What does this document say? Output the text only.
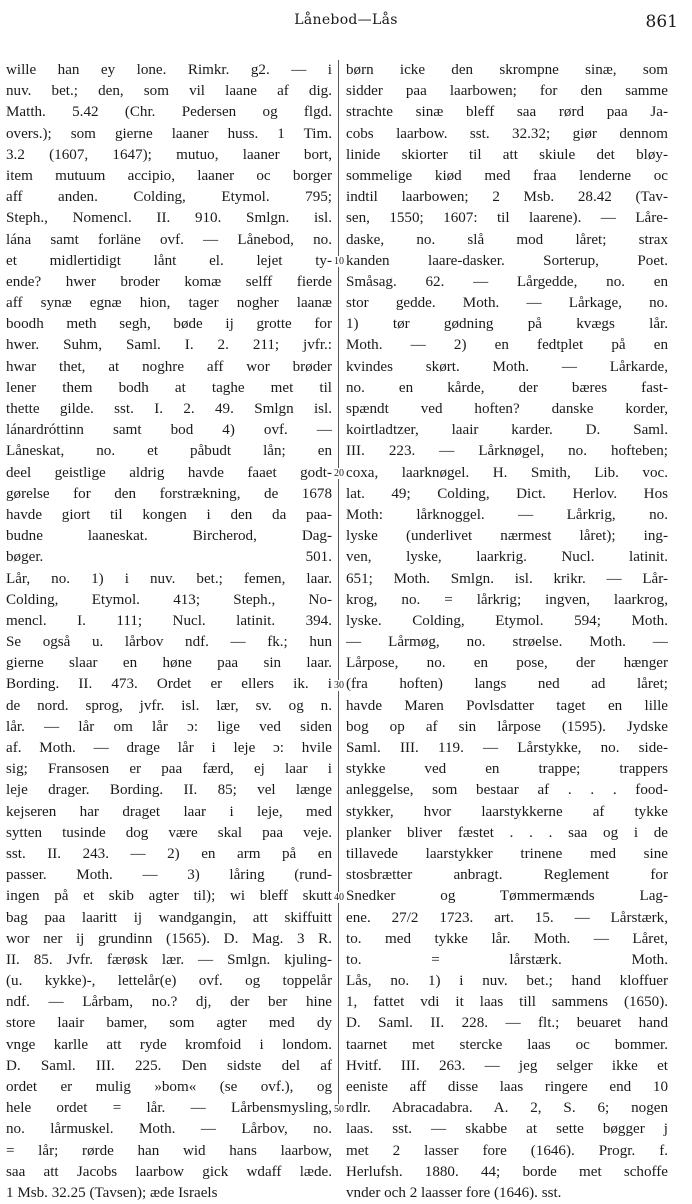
Lånebod—Lås	861
wille han ey lone. Rimkr. g2. — i
nuv. bet.; den, som vil laane af dig.
Matth. 5.42 (Chr. Pedersen og flgd.
overs.); som gierne laaner huss. 1 Tim.
3.2 (1607, 1647); mutuo, laaner bort,
item mutuum accipio, laaner oc borger
aff anden. Colding, Etymol. 795;
Steph., Nomencl. II. 910. Smlgn. isl.
lána samt forläne ovf. — Lånebod, no.
et midlertidigt lånt el. lejet ty-
ende? hwer broder komæ selff fierde
aff synæ egnæ hion, tager nogher laanæ
boodh meth segh, bøde ij grotte for
hwer. Suhm, Saml. I. 2. 211; jvfr.:
hwar thet, at noghre aff wor brøder
lener them bodh at taghe met til
thette gilde. sst. I. 2. 49. Smlgn isl.
lánardróttinn samt bod 4) ovf. —
Låneskat, no. et påbudt lån; en
deel geistlige aldrig havde faaet godt-
gørelse for den forstrækning, de 1678
havde giort til kongen i den da paa-
budne laaneskat. Bircherod, Dag-
bøger. 501.
Lår, no. 1) i nuv. bet.; femen, laar.
Colding, Etymol. 413; Steph., No-
mencl. I. 111; Nucl. latinit. 394.
Se også u. lårbov ndf. — fk.; hun
gierne slaar en høne paa sin laar.
Bording. II. 473. Ordet er ellers ik. i
de nord. sprog, jvfr. isl. lær, sv. og n.
lår. — lår om lår ɔ: lige ved siden
af. Moth. — drage lår i leje ɔ: hvile
sig; Fransosen er paa færd, ej laar i
leje drager. Bording. II. 85; vel længe
kejseren har draget laar i leje, med
sytten tusinde dog være skal paa veje.
sst. II. 243. — 2) en arm på en
passer. Moth. — 3) låring (rund-
ingen på et skib agter til); wi bleff skutt
bag paa laaritt ij wandgangin, att skiffuitt
wor ner ij grundinn (1565). D. Mag. 3 R.
II. 85. Jvfr. færøsk lær. — Smlgn. kjuling-
(u. kykke)-, lettelår(e) ovf. og toppelår
ndf. — Lårbam, no.? dj, der ber hine
store laair bamer, som agter med dy
vnge karlle att ryde kromfoid i londom.
D. Saml. III. 225. Den sidste del af
ordet er mulig »bom« (se ovf.), og
hele ordet = lår. — Lårbensmysling,
no. lårmuskel. Moth. — Lårbov, no.
= lår; rørde han wid hans laarbow,
saa att Jacobs laarbow gick wdaff læde.
1 Msb. 32.25 (Tavsen); æde Israels
børn icke den skrompne sinæ, som
sidder paa laarbowen; for den samme
strachte sinæ bleff saa rørd paa Ja-
cobs laarbow. sst. 32.32; giør dennom
linide skiorter til att skiule det bløy-
sommelige kiød med fraa lenderne oc
indtil laarbowen; 2 Msb. 28.42 (Tav-
sen, 1550; 1607: til laarene). — Låre-
daske, no. slå mod låret; strax
kanden laare-dasker. Sorterup, Poet.
Småsag. 62. — Lårgedde, no. en
stor gedde. Moth. — Lårkage, no.
1) tør gødning på kvægs lår.
Moth. — 2) en fedtplet på en
kvindes skørt. Moth. — Lårkarde,
no. en kårde, der bæres fast-
spændt ved hoften? danske korder,
koirtladtzer, laair karder. D. Saml.
III. 223. — Lårknøgel, no. hofteben;
coxa, laarknøgel. H. Smith, Lib. voc.
lat. 49; Colding, Dict. Herlov. Hos
Moth: lårknoggel. — Lårkrig, no.
lyske (underlivet nærmest låret); ing-
ven, lyske, laarkrig. Nucl. latinit.
651; Moth. Smlgn. isl. krikr. — Lår-
krog, no. = lårkrig; ingven, laarkrog,
lyske. Colding, Etymol. 594; Moth.
— Lårmøg, no. strøelse. Moth. —
Lårpose, no. en pose, der hænger
(fra hoften) langs ned ad låret;
havde Maren Povlsdatter taget en lille
bog op af sin lårpose (1595). Jydske
Saml. III. 119. — Lårstykke, no. side-
stykke ved en trappe; trappers
anleggelse, som bestaar af . . . food-
stykker, hvor laarstykkerne af tykke
planker bliver fæstet . . . saa og i de
tillavede laarstykker trinene med sine
stosbrætter anbragt. Reglement for
Snedker og Tømmermænds Lag-
ene. 27/2 1723. art. 15. — Lårstærk,
to. med tykke lår. Moth. — Låret,
to. = lårstærk. Moth.
Lås, no. 1) i nuv. bet.; hand kloffuer
1, fattet vdi it laas till sammens (1650).
D. Saml. II. 228. — flt.; beuaret hand
taarnet met stercke laas oc bommer.
Hvitf. III. 263. — jeg selger ikke et
eeniste aff disse laas ringere end 10
rdlr. Abracadabra. A. 2, S. 6; nogen
laas. sst. — skabbe at sette bøgger j
met 2 lasser fore (1646). Progr. f.
Herlufsh. 1880. 44; borde met schoffe
vnder och 2 laasser fore (1646). sst.
10
20
30
40
50
